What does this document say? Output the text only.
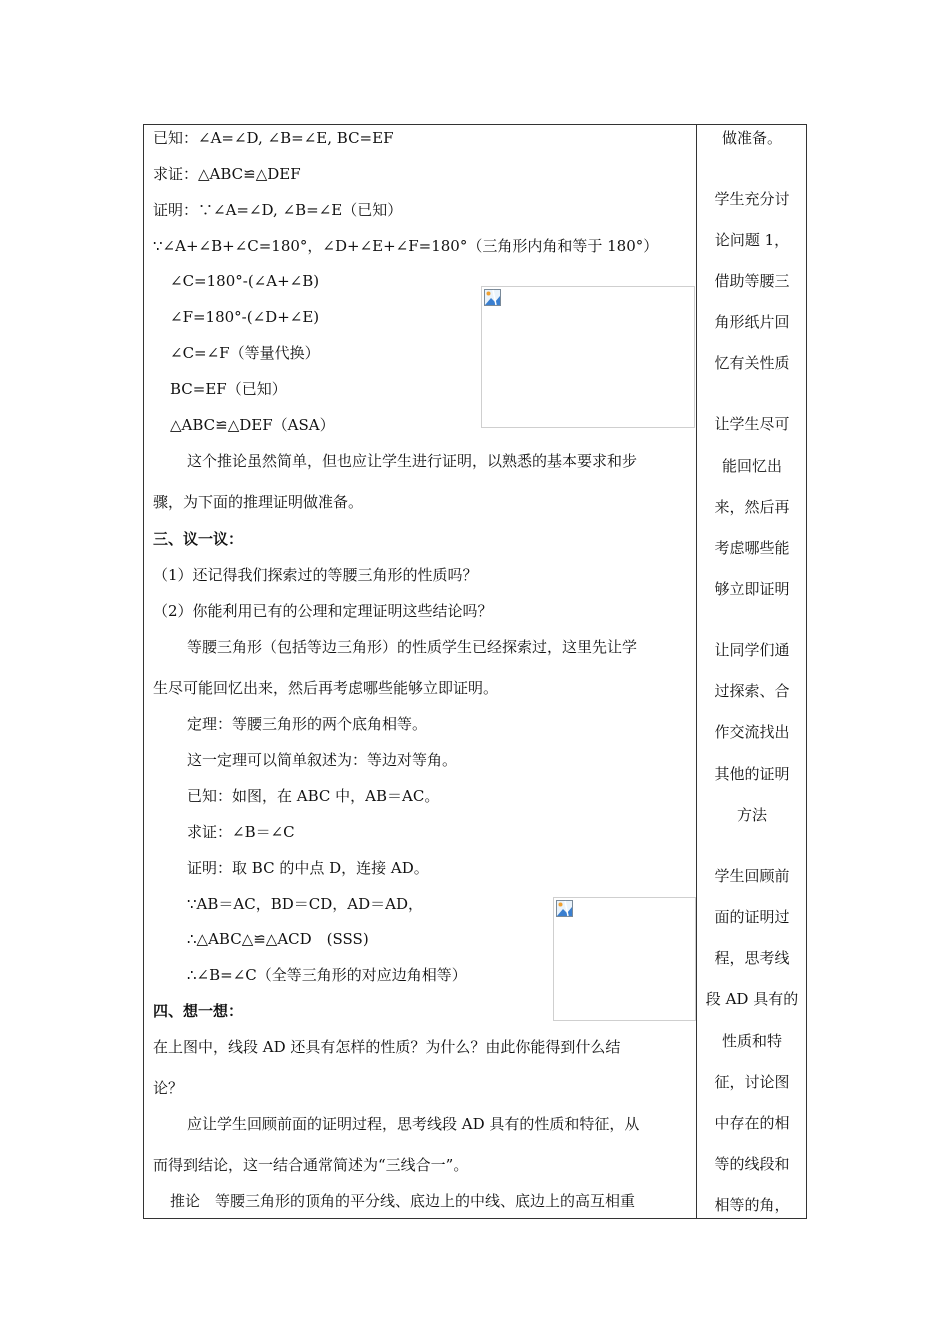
已知：∠A=∠D, ∠B=∠E, BC=EF
求证：△ABC≌△DEF
证明：∵∠A=∠D, ∠B=∠E（已知）
∵∠A+∠B+∠C=180°，∠D+∠E+∠F=180°（三角形内角和等于 180°）
∠C=180°-(∠A+∠B)
∠F=180°-(∠D+∠E)
∠C=∠F（等量代换）
BC=EF（已知）
△ABC≌△DEF（ASA）
这个推论虽然简单，但也应让学生进行证明，以熟悉的基本要求和步
骤，为下面的推理证明做准备。
三、议一议：
（1）还记得我们探索过的等腰三角形的性质吗？
（2）你能利用已有的公理和定理证明这些结论吗？
等腰三角形（包括等边三角形）的性质学生已经探索过，这里先让学
生尽可能回忆出来，然后再考虑哪些能够立即证明。
定理：等腰三角形的两个底角相等。
这一定理可以简单叙述为：等边对等角。
已知：如图，在 ABC 中，AB＝AC。
求证：∠B＝∠C
证明：取 BC 的中点 D，连接 AD。
∵AB＝AC，BD＝CD，AD＝AD，
∴△ABC△≌△ACD　(SSS)
∴∠B=∠C（全等三角形的对应边角相等）
四、想一想：
在上图中，线段 AD 还具有怎样的性质？为什么？由此你能得到什么结
论？
应让学生回顾前面的证明过程，思考线段 AD 具有的性质和特征，从
而得到结论，这一结合通常简述为“三线合一”。
推论　等腰三角形的顶角的平分线、底边上的中线、底边上的高互相重
做准备。
学生充分讨
论问题 1，
借助等腰三
角形纸片回
忆有关性质
让学生尽可
能回忆出
来，然后再
考虑哪些能
够立即证明
让同学们通
过探索、合
作交流找出
其他的证明
方法
学生回顾前
面的证明过
程，思考线
段 AD 具有的
性质和特
征，讨论图
中存在的相
等的线段和
相等的角，
